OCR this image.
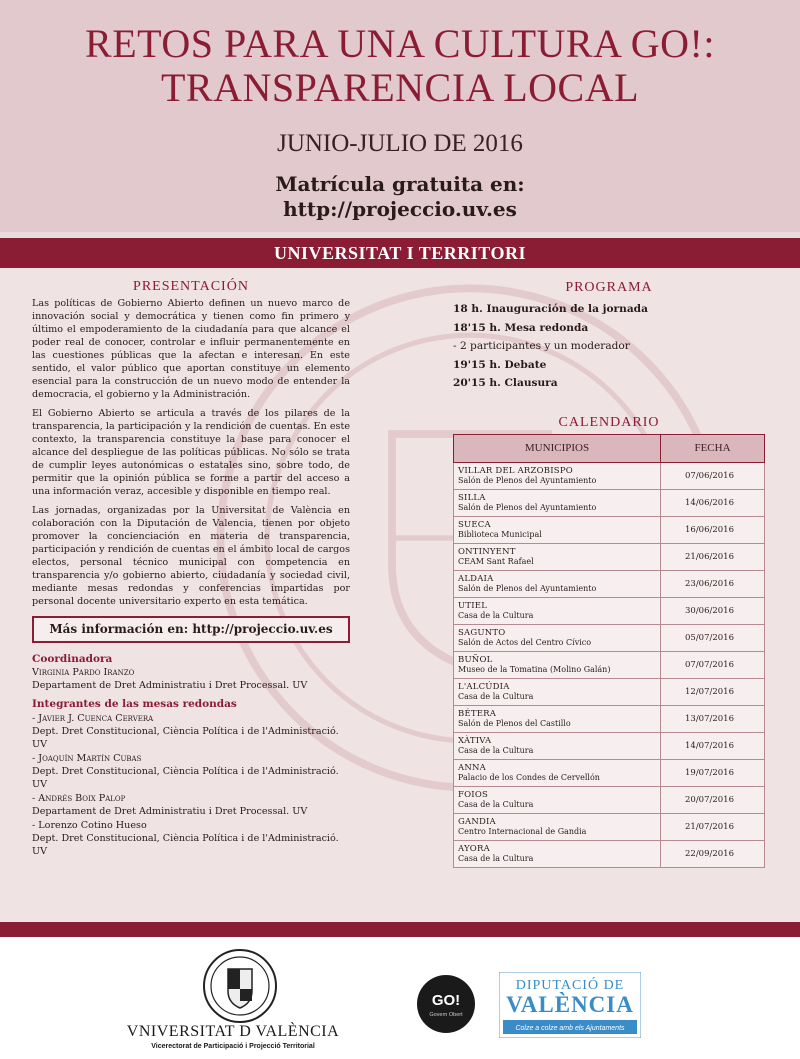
RETOS PARA UNA CULTURA GO!:
TRANSPARENCIA LOCAL
JUNIO-JULIO DE 2016
Matrícula gratuita en:
http://projeccio.uv.es
UNIVERSITAT I TERRITORI
PRESENTACIÓN

Las políticas de Gobierno Abierto definen un nuevo marco de innovación social y democrática y tienen como fin primero y último el empoderamiento de la ciudadanía para que alcance el poder real de conocer, controlar e influir permanentemente en las cuestiones públicas que la afectan e interesan. En este sentido, el valor público que aportan constituye un elemento esencial para la construcción de un nuevo modo de entender la democracia, el gobierno y la Administración.

El Gobierno Abierto se articula a través de los pilares de la transparencia, la participación y la rendición de cuentas. En este contexto, la transparencia constituye la base para conocer el alcance del despliegue de las políticas públicas. No sólo se trata de cumplir leyes autonómicas o estatales sino, sobre todo, de permitir que la opinión pública se forme a partir del acceso a una información veraz, accesible y disponible en tiempo real.

Las jornadas, organizadas por la Universitat de València en colaboración con la Diputación de Valencia, tienen por objeto promover la concienciación en materia de transparencia, participación y rendición de cuentas en el ámbito local de cargos electos, personal técnico municipal con competencia en transparencia y/o gobierno abierto, ciudadanía y sociedad civil, mediante mesas redondas y conferencias impartidas por personal docente universitario experto en esta temática.

Más información en: http://projeccio.uv.es
Coordinadora
Virginia Pardo Iranzo
Departament de Dret Administratiu i Dret Processal. UV
Integrantes de las mesas redondas
- Javier J. Cuenca Cervera
Dept. Dret Constitucional, Ciència Política i de l'Administració. UV
- Joaquín Martín Cubas
Dept. Dret Constitucional, Ciència Política i de l'Administració. UV
- Andrés Boix Palop
Departament de Dret Administratiu i Dret Processal. UV
- Lorenzo Cotino Hueso
Dept. Dret Constitucional, Ciència Política i de l'Administració. UV
PROGRAMA
18 h. Inauguración de la jornada
18'15 h. Mesa redonda
- 2 participantes y un moderador
19'15 h. Debate
20'15 h. Clausura
CALENDARIO
MUNICIPIOS	FECHA

VILLAR DEL ARZOBISPO
Salón de Plenos del Ayuntamiento	07/06/2016

SILLA
Salón de Plenos del Ayuntamiento	14/06/2016

SUECA
Biblioteca Municipal	16/06/2016

ONTINYENT
CEAM Sant Rafael	21/06/2016

ALDAIA
Salón de Plenos del Ayuntamiento	23/06/2016

UTIEL
Casa de la Cultura	30/06/2016

SAGUNTO
Salón de Actos del Centro Cívico	05/07/2016

BUÑOL
Museo de la Tomatina (Molino Galán)	07/07/2016

L'ALCÚDIA
Casa de la Cultura	12/07/2016

BÉTERA
Salón de Plenos del Castillo	13/07/2016

XÀTIVA
Casa de la Cultura	14/07/2016

ANNA
Palacio de los Condes de Cervellón	19/07/2016

FOIOS
Casa de la Cultura	20/07/2016

GANDIA
Centro Internacional de Gandia	21/07/2016

AYORA
Casa de la Cultura	22/09/2016
VNIVERSITAT D VALÈNCIA
Vicerectorat de Participació i Projecció Territorial
GO!
Govern Obert
DIPUTACIÓ DE
VALÈNCIA
Colze a colze amb els Ajuntaments
